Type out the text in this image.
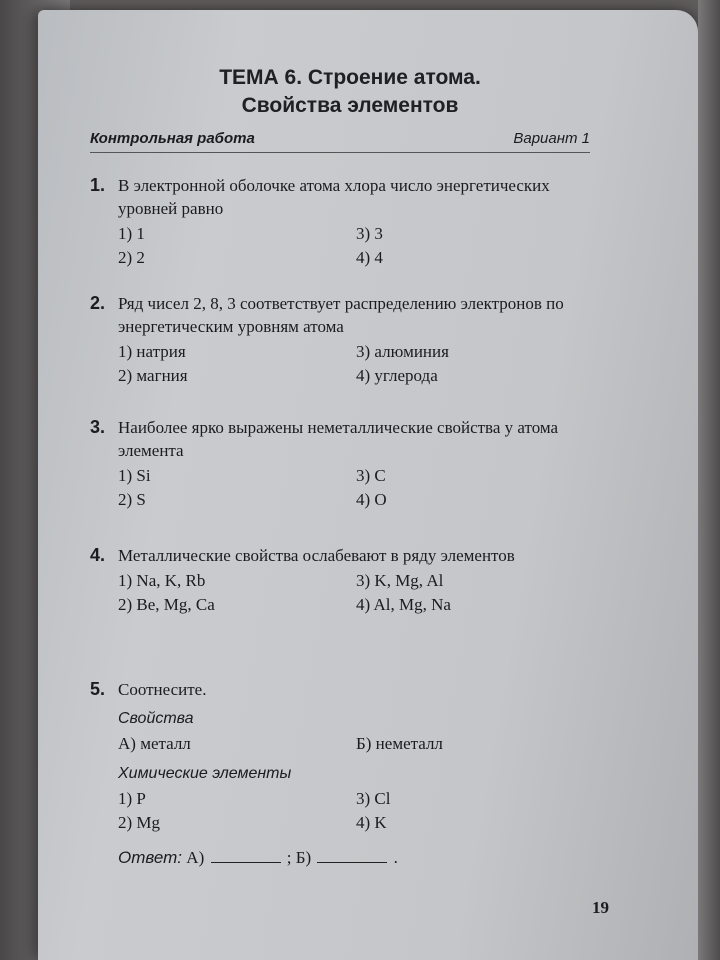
ТЕМА 6. Строение атома.
Свойства элементов
Контрольная работа	Вариант 1
1. В электронной оболочке атома хлора число энергетических уровней равно
1) 1	3) 3
2) 2	4) 4
2. Ряд чисел 2, 8, 3 соответствует распределению электронов по энергетическим уровням атома
1) натрия	3) алюминия
2) магния	4) углерода
3. Наиболее ярко выражены неметаллические свойства у атома элемента
1) Si	3) C
2) S	4) O
4. Металлические свойства ослабевают в ряду элементов
1) Na, K, Rb	3) K, Mg, Al
2) Be, Mg, Ca	4) Al, Mg, Na
5. Соотнесите.
Свойства
А) металл	Б) неметалл
Химические элементы
1) P	3) Cl
2) Mg	4) K
Ответ: А)	; Б)	.
19
